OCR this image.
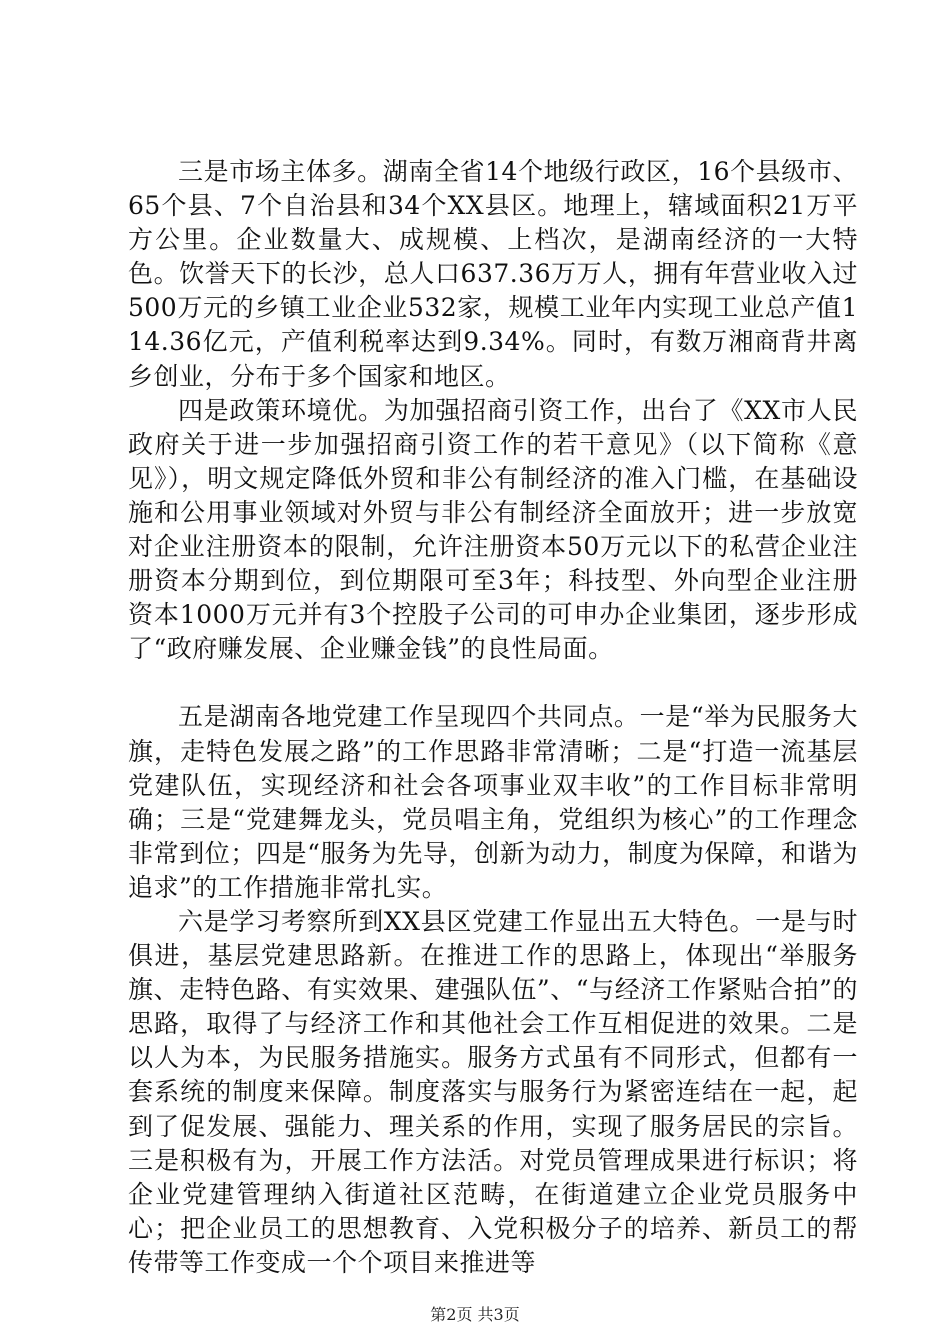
三是市场主体多。湖南全省14个地级行政区，16个县级市、65个县、7个自治县和34个XX县区。地理上，辖域面积21万平方公里。企业数量大、成规模、上档次，是湖南经济的一大特色。饮誉天下的长沙，总人口637.36万万人，拥有年营业收入过500万元的乡镇工业企业532家，规模工业年内实现工业总产值114.36亿元，产值利税率达到9.34%。同时，有数万湘商背井离乡创业，分布于多个国家和地区。

四是政策环境优。为加强招商引资工作，出台了《XX市人民政府关于进一步加强招商引资工作的若干意见》（以下简称《意见》），明文规定降低外贸和非公有制经济的准入门槛，在基础设施和公用事业领域对外贸与非公有制经济全面放开；进一步放宽对企业注册资本的限制，允许注册资本50万元以下的私营企业注册资本分期到位，到位期限可至3年；科技型、外向型企业注册资本1000万元并有3个控股子公司的可申办企业集团，逐步形成了“政府赚发展、企业赚金钱”的良性局面。

五是湖南各地党建工作呈现四个共同点。一是“举为民服务大旗，走特色发展之路”的工作思路非常清晰；二是“打造一流基层党建队伍，实现经济和社会各项事业双丰收”的工作目标非常明确；三是“党建舞龙头，党员唱主角，党组织为核心”的工作理念非常到位；四是“服务为先导，创新为动力，制度为保障，和谐为追求”的工作措施非常扎实。

六是学习考察所到XX县区党建工作显出五大特色。一是与时俱进，基层党建思路新。在推进工作的思路上，体现出“举服务旗、走特色路、有实效果、建强队伍”、“与经济工作紧贴合拍”的思路，取得了与经济工作和其他社会工作互相促进的效果。二是以人为本，为民服务措施实。服务方式虽有不同形式，但都有一套系统的制度来保障。制度落实与服务行为紧密连结在一起，起到了促发展、强能力、理关系的作用，实现了服务居民的宗旨。三是积极有为，开展工作方法活。对党员管理成果进行标识；将企业党建管理纳入街道社区范畴，在街道建立企业党员服务中心；把企业员工的思想教育、入党积极分子的培养、新员工的帮传带等工作变成一个个项目来推进等

第2页 共3页
